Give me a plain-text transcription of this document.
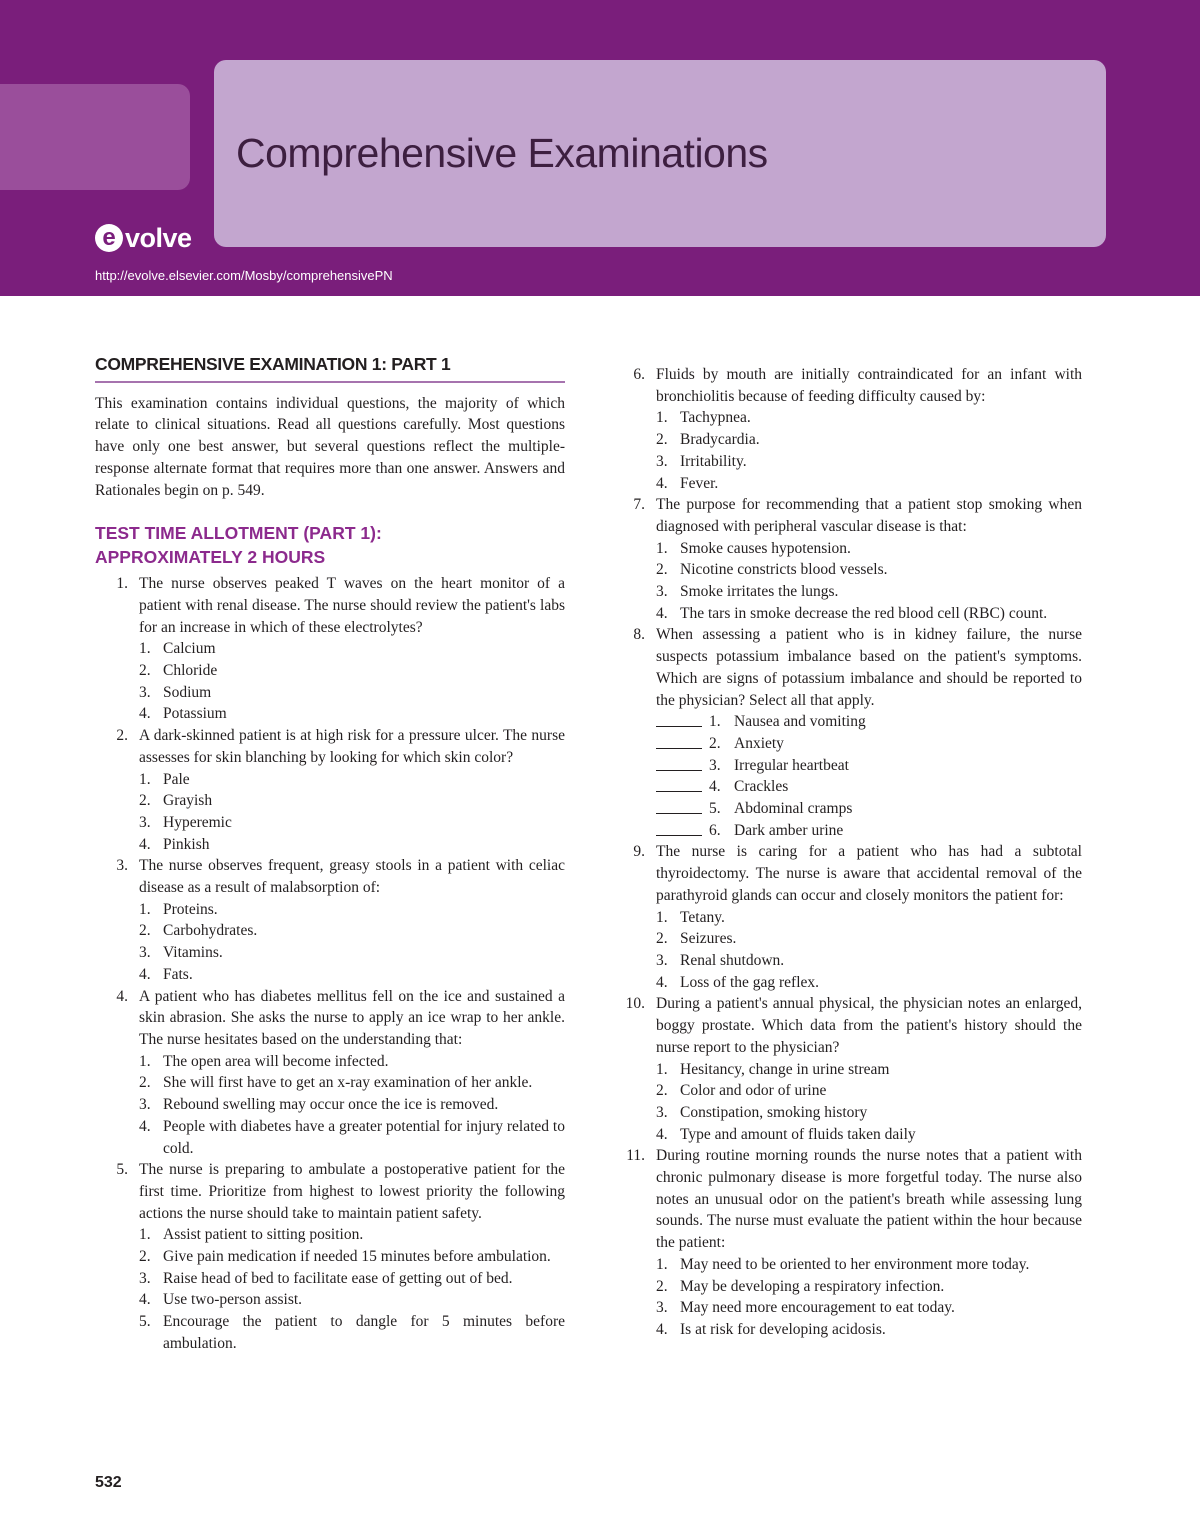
Comprehensive Examinations
e volve
http://evolve.elsevier.com/Mosby/comprehensivePN
COMPREHENSIVE EXAMINATION 1: PART 1
This examination contains individual questions, the majority of which relate to clinical situations. Read all questions carefully. Most questions have only one best answer, but several questions reflect the multiple-response alternate format that requires more than one answer. Answers and Rationales begin on p. 549.
TEST TIME ALLOTMENT (PART 1):
APPROXIMATELY 2 HOURS
1. The nurse observes peaked T waves on the heart monitor of a patient with renal disease. The nurse should review the patient's labs for an increase in which of these electrolytes?
1. Calcium
2. Chloride
3. Sodium
4. Potassium
2. A dark-skinned patient is at high risk for a pressure ulcer. The nurse assesses for skin blanching by looking for which skin color?
1. Pale
2. Grayish
3. Hyperemic
4. Pinkish
3. The nurse observes frequent, greasy stools in a patient with celiac disease as a result of malabsorption of:
1. Proteins.
2. Carbohydrates.
3. Vitamins.
4. Fats.
4. A patient who has diabetes mellitus fell on the ice and sustained a skin abrasion. She asks the nurse to apply an ice wrap to her ankle. The nurse hesitates based on the understanding that:
1. The open area will become infected.
2. She will first have to get an x-ray examination of her ankle.
3. Rebound swelling may occur once the ice is removed.
4. People with diabetes have a greater potential for injury related to cold.
5. The nurse is preparing to ambulate a postoperative patient for the first time. Prioritize from highest to lowest priority the following actions the nurse should take to maintain patient safety.
1. Assist patient to sitting position.
2. Give pain medication if needed 15 minutes before ambulation.
3. Raise head of bed to facilitate ease of getting out of bed.
4. Use two-person assist.
5. Encourage the patient to dangle for 5 minutes before ambulation.
6. Fluids by mouth are initially contraindicated for an infant with bronchiolitis because of feeding difficulty caused by:
1. Tachypnea.
2. Bradycardia.
3. Irritability.
4. Fever.
7. The purpose for recommending that a patient stop smoking when diagnosed with peripheral vascular disease is that:
1. Smoke causes hypotension.
2. Nicotine constricts blood vessels.
3. Smoke irritates the lungs.
4. The tars in smoke decrease the red blood cell (RBC) count.
8. When assessing a patient who is in kidney failure, the nurse suspects potassium imbalance based on the patient's symptoms. Which are signs of potassium imbalance and should be reported to the physician? Select all that apply.
1. Nausea and vomiting
2. Anxiety
3. Irregular heartbeat
4. Crackles
5. Abdominal cramps
6. Dark amber urine
9. The nurse is caring for a patient who has had a subtotal thyroidectomy. The nurse is aware that accidental removal of the parathyroid glands can occur and closely monitors the patient for:
1. Tetany.
2. Seizures.
3. Renal shutdown.
4. Loss of the gag reflex.
10. During a patient's annual physical, the physician notes an enlarged, boggy prostate. Which data from the patient's history should the nurse report to the physician?
1. Hesitancy, change in urine stream
2. Color and odor of urine
3. Constipation, smoking history
4. Type and amount of fluids taken daily
11. During routine morning rounds the nurse notes that a patient with chronic pulmonary disease is more forgetful today. The nurse also notes an unusual odor on the patient's breath while assessing lung sounds. The nurse must evaluate the patient within the hour because the patient:
1. May need to be oriented to her environment more today.
2. May be developing a respiratory infection.
3. May need more encouragement to eat today.
4. Is at risk for developing acidosis.
532
